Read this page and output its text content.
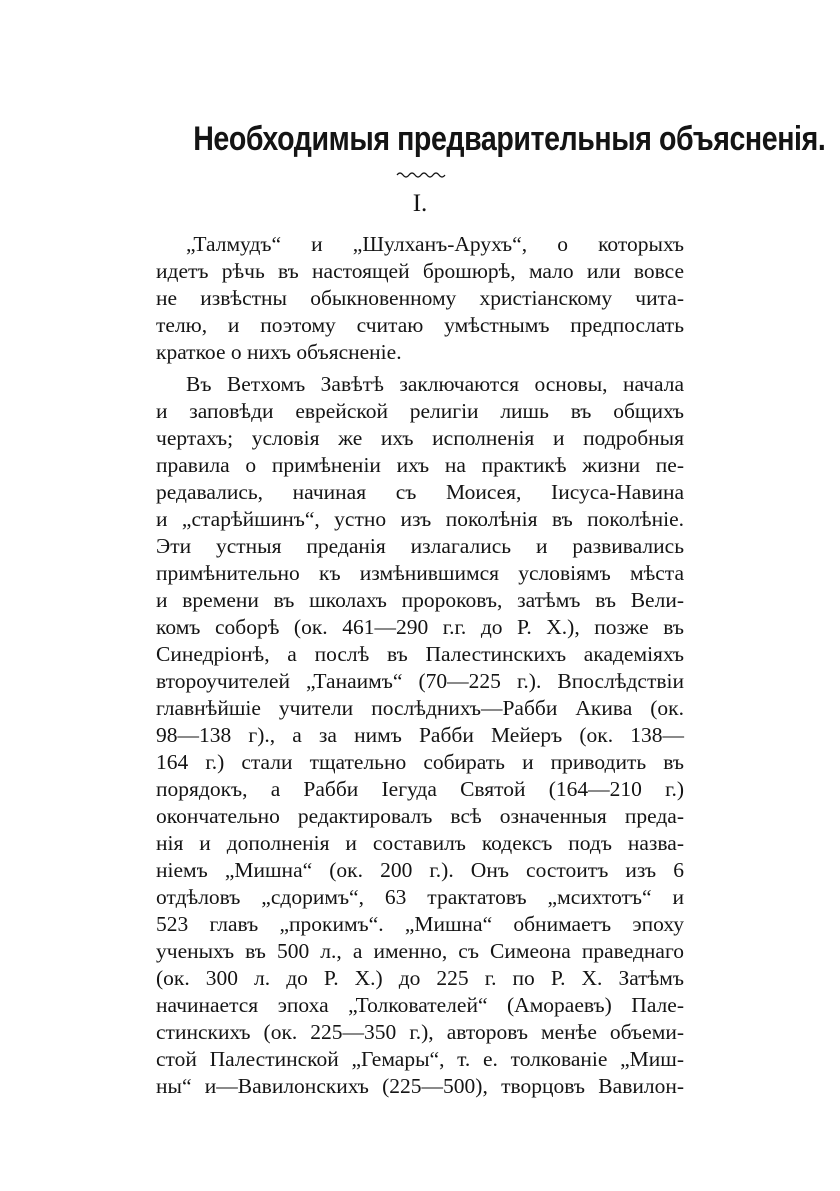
Необходимыя предварительныя объясненія.

I.

„Талмудъ“ и „Шулханъ-Арухъ“, о которыхъ

идетъ рѣчь въ настоящей брошюрѣ, мало или вовсе

не извѣстны обыкновенному христіанскому чита-

телю, и поэтому считаю умѣстнымъ предпослать

краткое о нихъ объясненіе.

Въ Ветхомъ Завѣтѣ заключаются основы, начала

и заповѣди еврейской религіи лишь въ общихъ

чертахъ; условія же ихъ исполненія и подробныя

правила о примѣненіи ихъ на практикѣ жизни пе-

редавались, начиная съ Моисея, Іисуса-Навина

и „старѣйшинъ“, устно изъ поколѣнія въ поколѣніе.

Эти устныя преданія излагались и развивались

примѣнительно къ измѣнившимся условіямъ мѣста

и времени въ школахъ пророковъ, затѣмъ въ Вели-

комъ соборѣ (ок. 461—290 г.г. до Р. Х.), позже въ

Синедріонѣ, а послѣ въ Палестинскихъ академіяхъ

второучителей „Танаимъ“ (70—225 г.). Впослѣдствіи

главнѣйшіе учители послѣднихъ—Рабби Акива (ок.

98—138 г)., а за нимъ Рабби Мейеръ (ок. 138—

164 г.) стали тщательно собирать и приводить въ

порядокъ, а Рабби Іегуда Святой (164—210 г.)

окончательно редактировалъ всѣ означенныя преда-

нія и дополненія и составилъ кодексъ подъ назва-

ніемъ „Мишна“ (ок. 200 г.). Онъ состоитъ изъ 6

отдѣловъ „сдоримъ“, 63 трактатовъ „мсихтотъ“ и

523 главъ „прокимъ“. „Мишна“ обнимаетъ эпоху

ученыхъ въ 500 л., а именно, съ Симеона праведнаго

(ок. 300 л. до Р. Х.) до 225 г. по Р. Х. Затѣмъ

начинается эпоха „Толкователей“ (Амораевъ) Пале-

стинскихъ (ок. 225—350 г.), авторовъ менѣе объеми-

стой Палестинской „Гемары“, т. е. толкованіе „Миш-

ны“ и—Вавилонскихъ (225—500), творцовъ Вавилон-
